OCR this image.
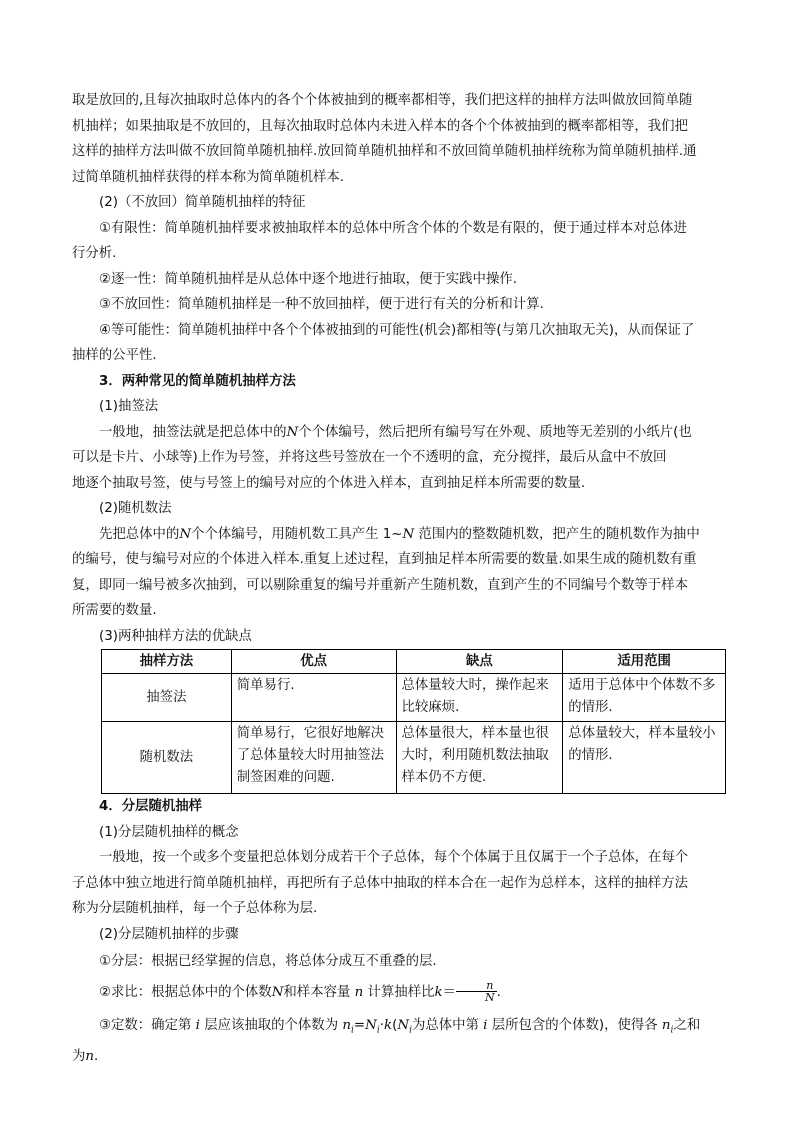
取是放回的,且每次抽取时总体内的各个个体被抽到的概率都相等，我们把这样的抽样方法叫做放回简单随

机抽样；如果抽取是不放回的，且每次抽取时总体内未进入样本的各个个体被抽到的概率都相等，我们把

这样的抽样方法叫做不放回简单随机抽样.放回简单随机抽样和不放回简单随机抽样统称为简单随机抽样.通

过简单随机抽样获得的样本称为简单随机样本.

(2)（不放回）简单随机抽样的特征

①有限性：简单随机抽样要求被抽取样本的总体中所含个体的个数是有限的，便于通过样本对总体进

行分析.

②逐一性：简单随机抽样是从总体中逐个地进行抽取，便于实践中操作.

③不放回性：简单随机抽样是一种不放回抽样，便于进行有关的分析和计算.

④等可能性：简单随机抽样中各个个体被抽到的可能性(机会)都相等(与第几次抽取无关)，从而保证了

抽样的公平性.

3．两种常见的简单随机抽样方法

(1)抽签法

一般地，抽签法就是把总体中的N个个体编号，然后把所有编号写在外观、质地等无差别的小纸片(也

可以是卡片、小球等)上作为号签，并将这些号签放在一个不透明的盒，充分搅拌，最后从盒中不放回

地逐个抽取号签，使与号签上的编号对应的个体进入样本，直到抽足样本所需要的数量.

(2)随机数法

先把总体中的N个个体编号，用随机数工具产生 1~N 范围内的整数随机数，把产生的随机数作为抽中

的编号，使与编号对应的个体进入样本.重复上述过程，直到抽足样本所需要的数量.如果生成的随机数有重

复，即同一编号被多次抽到，可以剔除重复的编号并重新产生随机数，直到产生的不同编号个数等于样本

所需要的数量.

(3)两种抽样方法的优缺点

抽样方法	优点	缺点	适用范围
抽签法	简单易行.	总体量较大时，操作起来比较麻烦.	适用于总体中个体数不多的情形.
随机数法	简单易行，它很好地解决了总体量较大时用抽签法制签困难的问题.	总体量很大，样本量也很大时，利用随机数法抽取样本仍不方便.	总体量较大，样本量较小的情形.

4．分层随机抽样

(1)分层随机抽样的概念

一般地，按一个或多个变量把总体划分成若干个子总体，每个个体属于且仅属于一个子总体，在每个

子总体中独立地进行简单随机抽样，再把所有子总体中抽取的样本合在一起作为总样本，这样的抽样方法

称为分层随机抽样，每一个子总体称为层.

(2)分层随机抽样的步骤

①分层：根据已经掌握的信息，将总体分成互不重叠的层.

②求比：根据总体中的个体数N和样本容量 n 计算抽样比$k= \frac{n}{N}$ .

③定数：确定第 i 层应该抽取的个体数为 $n_i=N_i\cdot k(N_i$为总体中第 i 层所包含的个体数)，使得各 $n_i$之和

为n.
